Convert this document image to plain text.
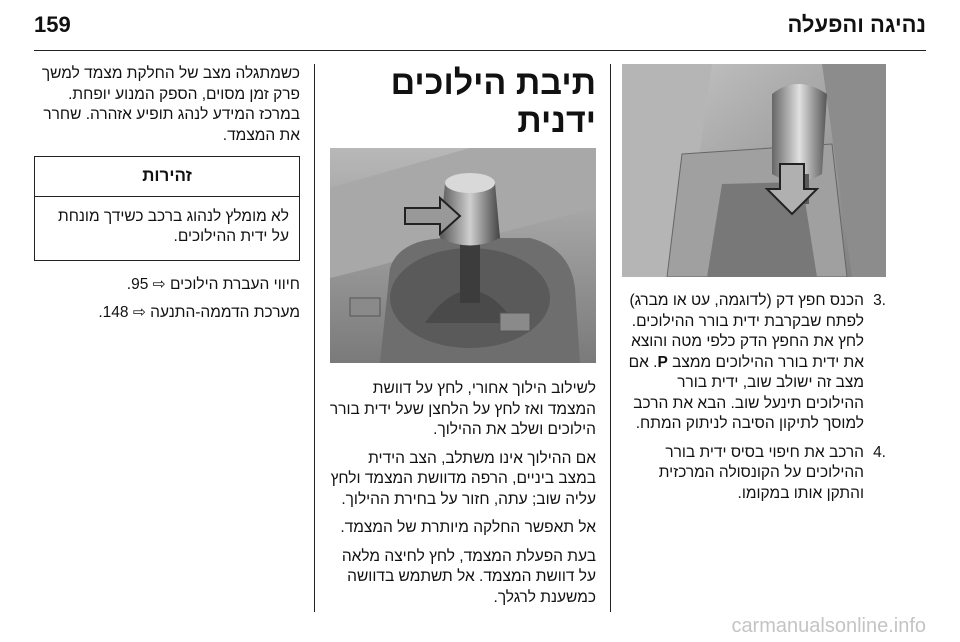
159	נהיגה והפעלה

כשמתגלה מצב של החלקת מצמד למשך פרק זמן מסוים, הספק המנוע יופחת. במרכז המידע לנהג תופיע אזהרה. שחרר את המצמד.

זהירות
לא מומלץ לנהוג ברכב כשידך מונחת על ידית ההילוכים.

חיווי העברת הילוכים ⇨ 95.

מערכת הדממה-התנעה ⇨ 148.

תיבת הילוכים ידנית

לשילוב הילוך אחורי, לחץ על דוושת המצמד ואז לחץ על הלחצן שעל ידית בורר הילוכים ושלב את ההילוך.

אם ההילוך אינו משתלב, הצב הידית במצב ביניים, הרפה מדוושת המצמד ולחץ עליה שוב; עתה, חזור על בחירת ההילוך.

אל תאפשר החלקה מיותרת של המצמד.

בעת הפעלת המצמד, לחץ לחיצה מלאה על דוושת המצמד. אל תשתמש בדוושה כמשענת לרגלך.

3.
הכנס חפץ דק (לדוגמה, עט או מברג) לפתח שבקרבת ידית בורר ההילוכים. לחץ את החפץ הדק כלפי מטה והוצא את ידית בורר ההילוכים ממצב P. אם מצב זה ישולב שוב, ידית בורר ההילוכים תינעל שוב. הבא את הרכב למוסך לתיקון הסיבה לניתוק המתח.
4.
הרכב את חיפוי בסיס ידית בורר ההילוכים על הקונסולה המרכזית והתקן אותו במקומו.
carmanualsonline.info
